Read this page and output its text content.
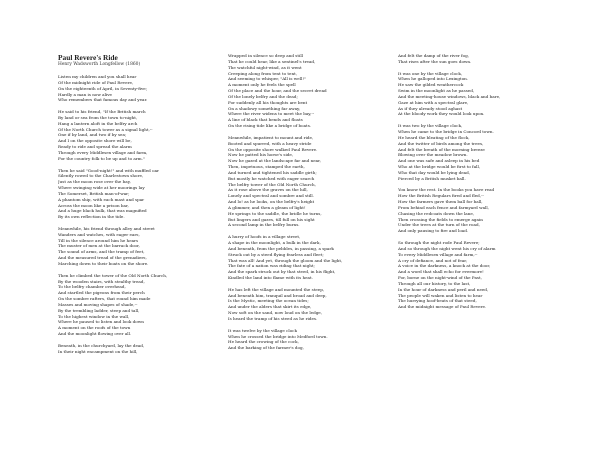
Paul Revere's Ride
Henry Wadsworth Longfellow (1860)
Listen my children and you shall hear
Of the midnight ride of Paul Revere,
On the eighteenth of April, in Seventy-five;
Hardly a man is now alive
Who remembers that famous day and year.
He said to his friend, "If the British march
By land or sea from the town to-night,
Hang a lantern aloft in the belfry arch
Of the North Church tower as a signal light,--
One if by land, and two if by sea;
And I on the opposite shore will be,
Ready to ride and spread the alarm
Through every Middlesex village and farm,
For the country folk to be up and to arm."
Then he said "Good-night!" and with muffled oar
Silently rowed to the Charlestown shore,
Just as the moon rose over the bay,
Where swinging wide at her moorings lay
The Somerset, British man-of-war;
A phantom ship, with each mast and spar
Across the moon like a prison bar,
And a huge black hulk, that was magnified
By its own reflection in the tide.
Meanwhile, his friend through alley and street
Wanders and watches, with eager ears,
Till in the silence around him he hears
The muster of men at the barrack door,
The sound of arms, and the tramp of feet,
And the measured tread of the grenadiers,
Marching down to their boats on the shore.
Then he climbed the tower of the Old North Church,
By the wooden stairs, with stealthy tread,
To the belfry chamber overhead,
And startled the pigeons from their perch
On the sombre rafters, that round him made
Masses and moving shapes of shade,--
By the trembling ladder, steep and tall,
To the highest window in the wall,
Where he paused to listen and look down
A moment on the roofs of the town
And the moonlight flowing over all.
Beneath, in the churchyard, lay the dead,
In their night encampment on the hill,
Wrapped in silence so deep and still
That he could hear, like a sentinel's tread,
The watchful night-wind, as it went
Creeping along from tent to tent,
And seeming to whisper, "All is well!"
A moment only he feels the spell
Of the place and the hour, and the secret dread
Of the lonely belfry and the dead;
For suddenly all his thoughts are bent
On a shadowy something far away,
Where the river widens to meet the bay,--
A line of black that bends and floats
On the rising tide like a bridge of boats.
Meanwhile, impatient to mount and ride,
Booted and spurred, with a heavy stride
On the opposite shore walked Paul Revere.
Now he patted his horse's side,
Now he gazed at the landscape far and near,
Then, impetuous, stamped the earth,
And turned and tightened his saddle girth;
But mostly he watched with eager search
The belfry tower of the Old North Church,
As it rose above the graves on the hill,
Lonely and spectral and sombre and still.
And lo! as he looks, on the belfry's height
A glimmer, and then a gleam of light!
He springs to the saddle, the bridle he turns,
But lingers and gazes, till full on his sight
A second lamp in the belfry burns.
A hurry of hoofs in a village street,
A shape in the moonlight, a bulk in the dark,
And beneath, from the pebbles, in passing, a spark
Struck out by a steed flying fearless and fleet;
That was all! And yet, through the gloom and the light,
The fate of a nation was riding that night;
And the spark struck out by that steed, in his flight,
Kindled the land into flame with its heat.
He has left the village and mounted the steep,
And beneath him, tranquil and broad and deep,
Is the Mystic, meeting the ocean tides;
And under the alders that skirt its edge,
Now soft on the sand, now loud on the ledge,
Is heard the tramp of his steed as he rides.
It was twelve by the village clock
When he crossed the bridge into Medford town.
He heard the crowing of the cock,
And the barking of the farmer's dog,
And felt the damp of the river fog,
That rises after the sun goes down.
It was one by the village clock,
When he galloped into Lexington.
He saw the gilded weathercock
Swim in the moonlight as he passed,
And the meeting-house windows, black and bare,
Gaze at him with a spectral glare,
As if they already stood aghast
At the bloody work they would look upon.
It was two by the village clock,
When he came to the bridge in Concord town.
He heard the bleating of the flock,
And the twitter of birds among the trees,
And felt the breath of the morning breeze
Blowing over the meadow brown.
And one was safe and asleep in his bed
Who at the bridge would be first to fall,
Who that day would be lying dead,
Pierced by a British musket ball.
You know the rest. In the books you have read
How the British Regulars fired and fled,--
How the farmers gave them ball for ball,
From behind each fence and farmyard wall,
Chasing the redcoats down the lane,
Then crossing the fields to emerge again
Under the trees at the turn of the road,
And only pausing to fire and load.
So through the night rode Paul Revere;
And so through the night went his cry of alarm
To every Middlesex village and farm,--
A cry of defiance, and not of fear,
A voice in the darkness, a knock at the door,
And a word that shall echo for evermore!
For, borne on the night-wind of the Past,
Through all our history, to the last,
In the hour of darkness and peril and need,
The people will waken and listen to hear
The hurrying hoof-beats of that steed,
And the midnight message of Paul Revere.
